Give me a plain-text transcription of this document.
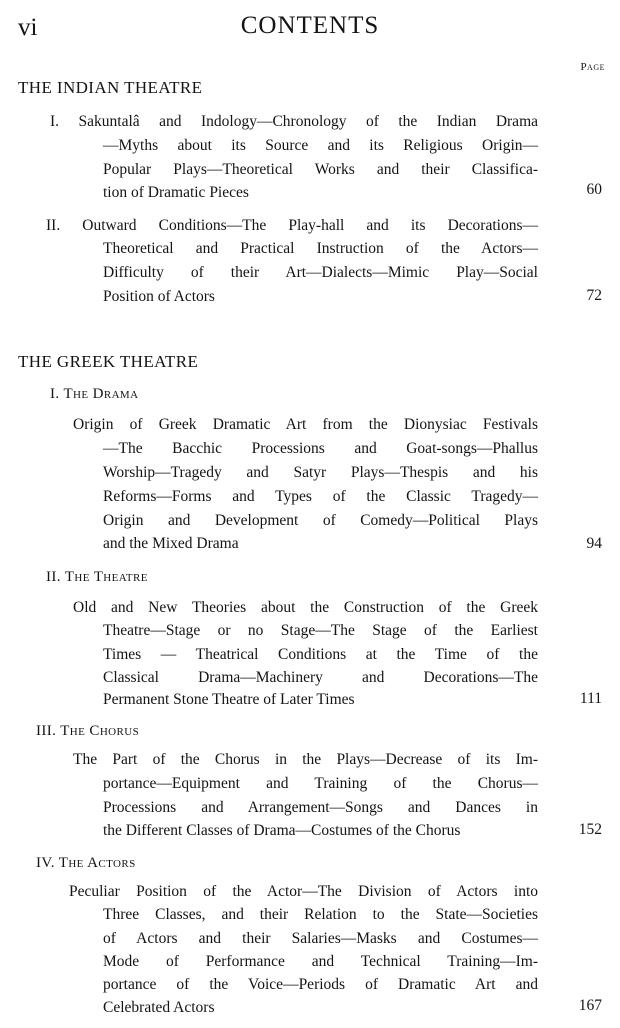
vi	CONTENTS
Page
THE INDIAN THEATRE
I. Sakuntalâ and Indology—Chronology of the Indian Drama
—Myths about its Source and its Religious Origin—
Popular Plays—Theoretical Works and their Classifica-
tion of Dramatic Pieces	60
II. Outward Conditions—The Play-hall and its Decorations—
Theoretical and Practical Instruction of the Actors—
Difficulty of their Art—Dialects—Mimic Play—Social
Position of Actors	72
THE GREEK THEATRE
I. The Drama
Origin of Greek Dramatic Art from the Dionysiac Festivals
—The Bacchic Processions and Goat-songs—Phallus
Worship—Tragedy and Satyr Plays—Thespis and his
Reforms—Forms and Types of the Classic Tragedy—
Origin and Development of Comedy—Political Plays
and the Mixed Drama	94
II. The Theatre
Old and New Theories about the Construction of the Greek
Theatre—Stage or no Stage—The Stage of the Earliest
Times — Theatrical Conditions at the Time of the
Classical Drama—Machinery and Decorations—The
Permanent Stone Theatre of Later Times	111
III. The Chorus
The Part of the Chorus in the Plays—Decrease of its Im-
portance—Equipment and Training of the Chorus—
Processions and Arrangement—Songs and Dances in
the Different Classes of Drama—Costumes of the Chorus	152
IV. The Actors
Peculiar Position of the Actor—The Division of Actors into
Three Classes, and their Relation to the State—Societies
of Actors and their Salaries—Masks and Costumes—
Mode of Performance and Technical Training—Im-
portance of the Voice—Periods of Dramatic Art and
Celebrated Actors	167
